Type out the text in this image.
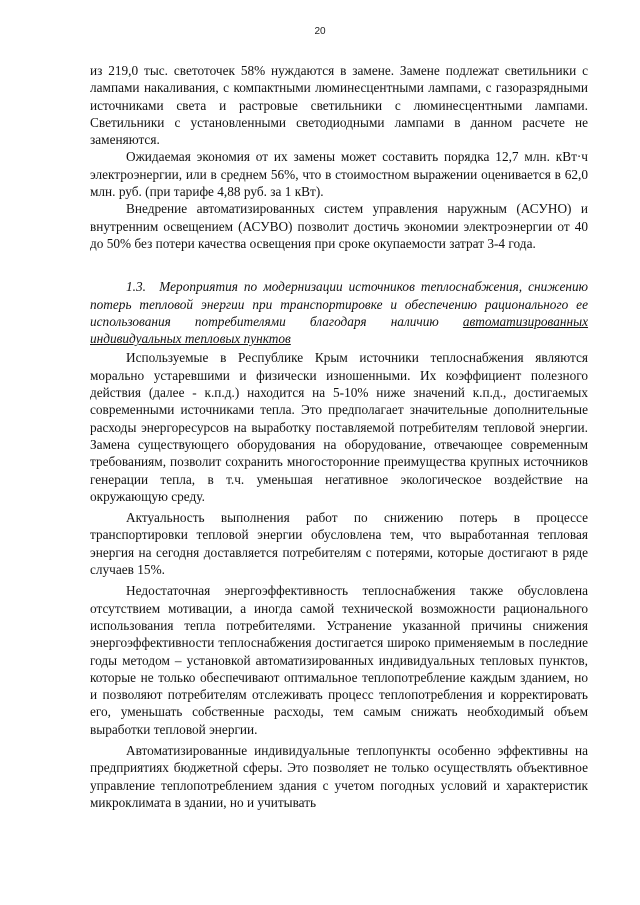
20

из 219,0 тыс. светоточек 58% нуждаются в замене. Замене подлежат светильники с лампами накаливания, с компактными люминесцентными лампами, с газоразрядными источниками света и растровые светильники с люминесцентными лампами. Светильники с установленными светодиодными лампами в данном расчете не заменяются.

Ожидаемая экономия от их замены может составить порядка 12,7 млн. кВт·ч электроэнергии, или в среднем 56%, что в стоимостном выражении оценивается в 62,0 млн. руб. (при тарифе 4,88 руб. за 1 кВт).

Внедрение автоматизированных систем управления наружным (АСУНО) и внутренним освещением (АСУВО) позволит достичь экономии электроэнергии от 40 до 50% без потери качества освещения при сроке окупаемости затрат 3-4 года.

1.3.  Мероприятия по модернизации источников теплоснабжения, снижению потерь тепловой энергии при транспортировке и обеспечению рационального ее использования потребителями благодаря наличию автоматизированных индивидуальных тепловых пунктов

Используемые в Республике Крым источники теплоснабжения являются морально устаревшими и физически изношенными. Их коэффициент полезного действия (далее - к.п.д.) находится на 5-10% ниже значений к.п.д., достигаемых современными источниками тепла. Это предполагает значительные дополнительные расходы энергоресурсов на выработку поставляемой потребителям тепловой энергии. Замена существующего оборудования на оборудование, отвечающее современным требованиям, позволит сохранить многосторонние преимущества крупных источников генерации тепла, в т.ч. уменьшая негативное экологическое воздействие на окружающую среду.

Актуальность выполнения работ по снижению потерь в процессе транспортировки тепловой энергии обусловлена тем, что выработанная тепловая энергия на сегодня доставляется потребителям с потерями, которые достигают в ряде случаев 15%.

Недостаточная энергоэффективность теплоснабжения также обусловлена отсутствием мотивации, а иногда самой технической возможности рационального использования тепла потребителями. Устранение указанной причины снижения энергоэффективности теплоснабжения достигается широко применяемым в последние годы методом – установкой автоматизированных индивидуальных тепловых пунктов, которые не только обеспечивают оптимальное теплопотребление каждым зданием, но и позволяют потребителям отслеживать процесс теплопотребления и корректировать его, уменьшать собственные расходы, тем самым снижать необходимый объем выработки тепловой энергии.

Автоматизированные индивидуальные теплопункты особенно эффективны на предприятиях бюджетной сферы. Это позволяет не только осуществлять объективное управление теплопотреблением здания с учетом погодных условий и характеристик микроклимата в здании, но и учитывать
